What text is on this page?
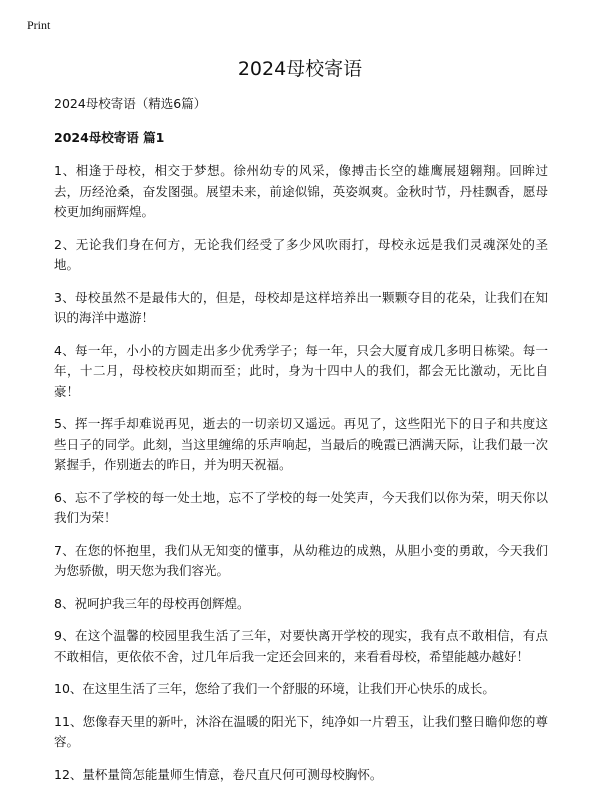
Print
2024母校寄语

2024母校寄语（精选6篇）

2024母校寄语 篇1

1、相逢于母校，相交于梦想。徐州幼专的风采，像搏击长空的雄鹰展翅翱翔。回眸过去，历经沧桑，奋发图强。展望未来，前途似锦，英姿飒爽。金秋时节，丹桂飘香，愿母校更加绚丽辉煌。

2、无论我们身在何方，无论我们经受了多少风吹雨打，母校永远是我们灵魂深处的圣地。

3、母校虽然不是最伟大的，但是，母校却是这样培养出一颗颗夺目的花朵，让我们在知识的海洋中遨游！

4、每一年，小小的方圆走出多少优秀学子；每一年，只会大厦育成几多明日栋梁。每一年，十二月，母校校庆如期而至；此时，身为十四中人的我们，都会无比激动，无比自豪！

5、挥一挥手却难说再见，逝去的一切亲切又遥远。再见了，这些阳光下的日子和共度这些日子的同学。此刻，当这里缠绵的乐声响起，当最后的晚霞已洒满天际，让我们最一次紧握手，作别逝去的昨日，并为明天祝福。

6、忘不了学校的每一处土地，忘不了学校的每一处笑声，今天我们以你为荣，明天你以我们为荣！

7、在您的怀抱里，我们从无知变的懂事，从幼稚边的成熟，从胆小变的勇敢，今天我们为您骄傲，明天您为我们容光。

8、祝呵护我三年的母校再创辉煌。

9、在这个温馨的校园里我生活了三年，对要快离开学校的现实，我有点不敢相信，有点不敢相信，更依依不舍，过几年后我一定还会回来的，来看看母校，希望能越办越好！

10、在这里生活了三年，您给了我们一个舒服的环境，让我们开心快乐的成长。

11、您像春天里的新叶，沐浴在温暖的阳光下，纯净如一片碧玉，让我们整日瞻仰您的尊容。

12、量杯量筒怎能量师生情意，卷尺直尺何可测母校胸怀。
